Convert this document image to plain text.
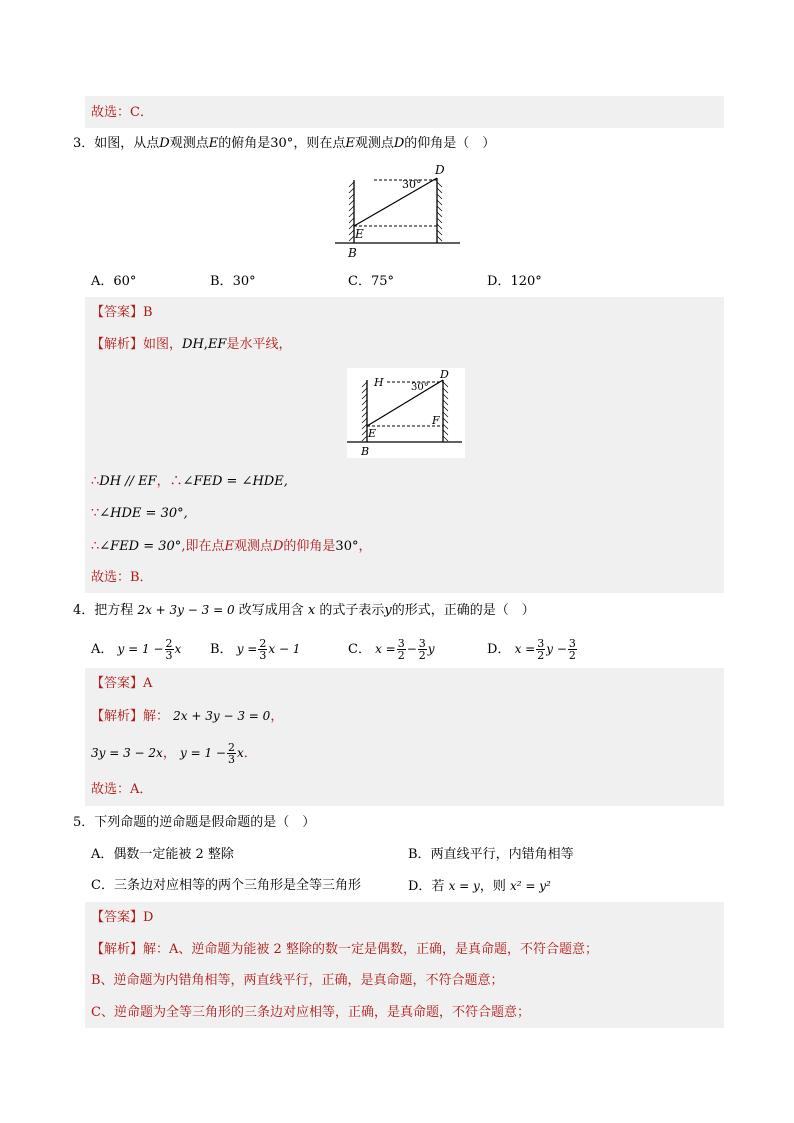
故选：C．
3．如图，从点D观测点E的俯角是30°，则在点E观测点D的仰角是（　）
30°
D
E
B
A．60°	B．30°	C．75°	D．120°
【答案】B
【解析】如图，DH,EF是水平线，
H	30°
D
E
F
B
∴DH // EF，∴∠FED = ∠HDE,
∵∠HDE = 30°,
∴∠FED = 30°,即在点E观测点D的仰角是30°，
故选：B．
4．把方程 2x + 3y − 3 = 0 改写成用含 x 的式子表示y的形式，正确的是（　）
A． $y = 1 - \frac{2}{3}$ x B． $y = \frac{2}{3}$ x − 1	C． $x = \frac{3}{2} - \frac{3}{2}$ y	D． $x = \frac{3}{2}$ $y - \frac{3}{2}$
【答案】A
【解析】解： 2x + 3y − 3 = 0，
3y = 3 − 2x， $y = 1 - \frac{2}{3}$ x．
故选：A．
5．下列命题的逆命题是假命题的是（　）
A．偶数一定能被 2 整除	B．两直线平行，内错角相等
C．三条边对应相等的两个三角形是全等三角形	D．若 x = y，则 x² = y²
【答案】D
【解析】解：A、逆命题为能被 2 整除的数一定是偶数，正确，是真命题，不符合题意；
B、逆命题为内错角相等，两直线平行，正确，是真命题，不符合题意；
C、逆命题为全等三角形的三条边对应相等，正确，是真命题，不符合题意；
